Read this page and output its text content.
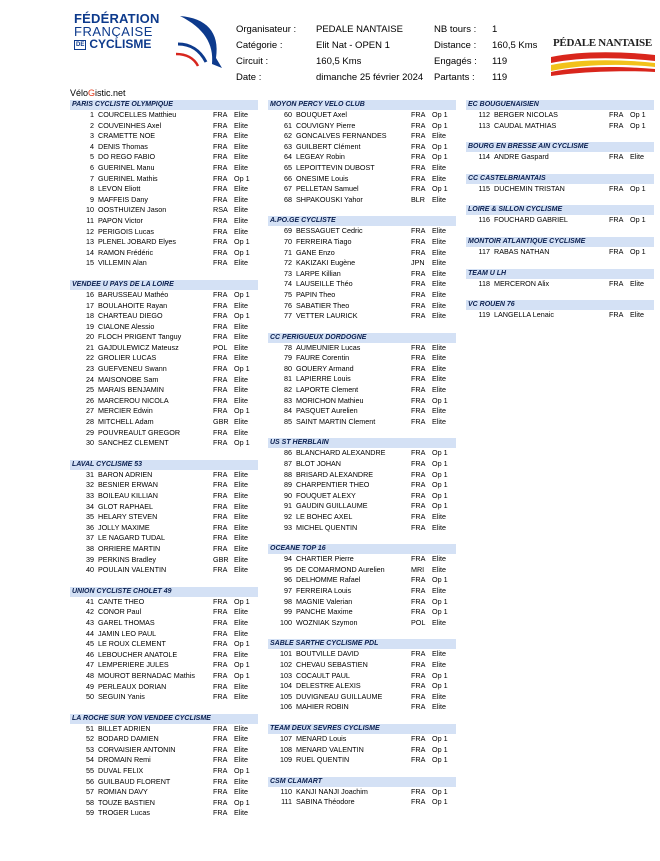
FÉDÉRATION
FRANÇAISE
DE CYCLISME
Organisateur : PEDALE NANTAISE
Catégorie :	Elit Nat - OPEN 1
Circuit :	160,5 Kms
Date :	dimanche 25 février 2024
NB tours : 1
Distance : 160,5 Kms
Engagés : 119
Partants : 119
PÉDALE NANTAISE
VéloGistic.net
PARIS CYCLISTE OLYMPIQUE
1 COURCELLES Matthieu	FRA Elite
2 COUVEINHES Axel	FRA Elite
3 CRAMETTE NOE	FRA Elite
4 DENIS Thomas	FRA Elite
5 DO REGO FABIO	FRA Elite
6 GUERINEL Manu	FRA Elite
7 GUERINEL Mathis	FRA Op 1
8 LEVON Eliott	FRA Elite
9 MAFFEIS Dany	FRA Elite
10 OOSTHUIZEN Jason	RSA Elite
11 PAPON Victor	FRA Elite
12 PERIGOIS Lucas	FRA Elite
13 PLENEL JOBARD Elyes	FRA Op 1
14 RAMON Frédéric	FRA Op 1
15 VILLEMIN Alan	FRA Elite
VENDEE U PAYS DE LA LOIRE
16 BARUSSEAU Mathéo	FRA Op 1
17 BOULAHOITE Rayan	FRA Elite
18 CHARTEAU DIEGO	FRA Op 1
19 CIALONE Alessio	FRA Elite
20 FLOCH PRIGENT Tanguy	FRA Elite
21 GAJDULEWICZ Mateusz	POL Elite
22 GROLIER LUCAS	FRA Elite
23 GUEFVENEU Swann	FRA Op 1
24 MAISONOBE Sam	FRA Elite
25 MARAIS BENJAMIN	FRA Elite
26 MARCEROU NICOLA	FRA Elite
27 MERCIER Edwin	FRA Op 1
28 MITCHELL Adam	GBR Elite
29 POUVREAULT GREGOR	FRA Elite
30 SANCHEZ CLEMENT	FRA Op 1
LAVAL CYCLISME 53
31 BARON ADRIEN	FRA Elite
32 BESNIER ERWAN	FRA Elite
33 BOILEAU KILLIAN	FRA Elite
34 GLOT RAPHAEL	FRA Elite
35 HELARY STEVEN	FRA Elite
36 JOLLY MAXIME	FRA Elite
37 LE NAGARD TUDAL	FRA Elite
38 ORRIERE MARTIN	FRA Elite
39 PERKINS Bradley	GBR Elite
40 POULAIN VALENTIN	FRA Elite
UNION CYCLISTE CHOLET 49
41 CANTE THEO	FRA Op 1
42 CONOR Paul	FRA Elite
43 GAREL THOMAS	FRA Elite
44 JAMIN LEO PAUL	FRA Elite
45 LE ROUX CLEMENT	FRA Op 1
46 LEBOUCHER ANATOLE	FRA Elite
47 LEMPERIERE JULES	FRA Op 1
48 MOUROT BERNADAC Mathis	FRA Op 1
49 PERLEAUX DORIAN	FRA Elite
50 SEGUIN Yanis	FRA Elite
LA ROCHE SUR YON VENDEE CYCLISME
51 BILLET ADRIEN	FRA Elite
52 BODARD DAMIEN	FRA Elite
53 CORVAISIER ANTONIN	FRA Elite
54 DROMAIN Remi	FRA Elite
55 DUVAL FELIX	FRA Op 1
56 GUILBAUD FLORENT	FRA Elite
57 ROMIAN DAVY	FRA Elite
58 TOUZE BASTIEN	FRA Op 1
59 TROGER Lucas	FRA Elite
MOYON PERCY VELO CLUB
60 BOUQUET Axel	FRA Op 1
61 COUVIGNY Pierre	FRA Op 1
62 GONCALVES FERNANDES	FRA Elite
63 GUILBERT Clément	FRA Op 1
64 LEGEAY Robin	FRA Op 1
65 LEPOITTEVIN DUBOST	FRA Elite
66 ONESIME Louis	FRA Elite
67 PELLETAN Samuel	FRA Op 1
68 SHPAKOUSKI Yahor	BLR Elite
A.PO.GE CYCLISTE
69 BESSAGUET Cedric	FRA Elite
70 FERREIRA Tiago	FRA Elite
71 GANE Enzo	FRA Elite
72 KAKIZAKI Eugène	JPN	Elite
73 LARPE Killian	FRA Elite
74 LAUSEILLE Théo	FRA Elite
75 PAPIN Theo	FRA Elite
76 SABATIER Theo	FRA Elite
77 VETTER LAURICK	FRA Elite
CC PERIGUEUX DORDOGNE
78 AUMEUNIER Lucas	FRA Elite
79 FAURE Corentin	FRA Elite
80 GOUERY Armand	FRA Elite
81 LAPIERRE Louis	FRA Elite
82 LAPORTE Clement	FRA Elite
83 MORICHON Mathieu	FRA Op 1
84 PASQUET Aurelien	FRA Elite
85 SAINT MARTIN Clement	FRA Elite
US ST HERBLAIN
86 BLANCHARD ALEXANDRE	FRA Op 1
87 BLOT JOHAN	FRA Op 1
88 BRISARD ALEXANDRE	FRA Op 1
89 CHARPENTIER THEO	FRA Op 1
90 FOUQUET ALEXY	FRA Op 1
91 GAUDIN GUILLAUME	FRA Op 1
92 LE BOHEC AXEL	FRA Elite
93 MICHEL QUENTIN	FRA Elite
OCEANE TOP 16
94 CHARTIER Pierre	FRA Elite
95 DE COMARMOND Aurelien	MRI	Elite
96 DELHOMME Rafael	FRA Op 1
97 FERREIRA Louis	FRA Elite
98 MAGNIE Valerian	FRA Op 1
99 PANCHE Maxime	FRA Op 1
100 WOZNIAK Szymon	POL Elite
SABLE SARTHE CYCLISME PDL
101 BOUTVILLE DAVID	FRA Elite
102 CHEVAU SEBASTIEN	FRA Elite
103 COCAULT PAUL	FRA Op 1
104 DELESTRE ALEXIS	FRA Op 1
105 DUVIGNEAU GUILLAUME	FRA Elite
106 MAHIER ROBIN	FRA Elite
TEAM DEUX SEVRES CYCLISME
107 MENARD Louis	FRA Op 1
108 MENARD VALENTIN	FRA Op 1
109 RUEL QUENTIN	FRA Op 1
CSM CLAMART
110 KANJI NANJI Joachim	FRA Op 1
111 SABINA Théodore	FRA Op 1
EC BOUGUENAISIEN
112 BERGER NICOLAS	FRA Op 1
113 CAUDAL MATHIAS	FRA Op 1
BOURG EN BRESSE AIN CYCLISME
114 ANDRE Gaspard	FRA Elite
CC CASTELBRIANTAIS
115 DUCHEMIN TRISTAN	FRA Op 1
LOIRE & SILLON CYCLISME
116 FOUCHARD GABRIEL	FRA Op 1
MONTOIR ATLANTIQUE CYCLISME
117 RABAS NATHAN	FRA Op 1
TEAM U LH
118 MERCERON Alix	FRA Elite
VC ROUEN 76
119 LANGELLA Lenaic	FRA Elite
